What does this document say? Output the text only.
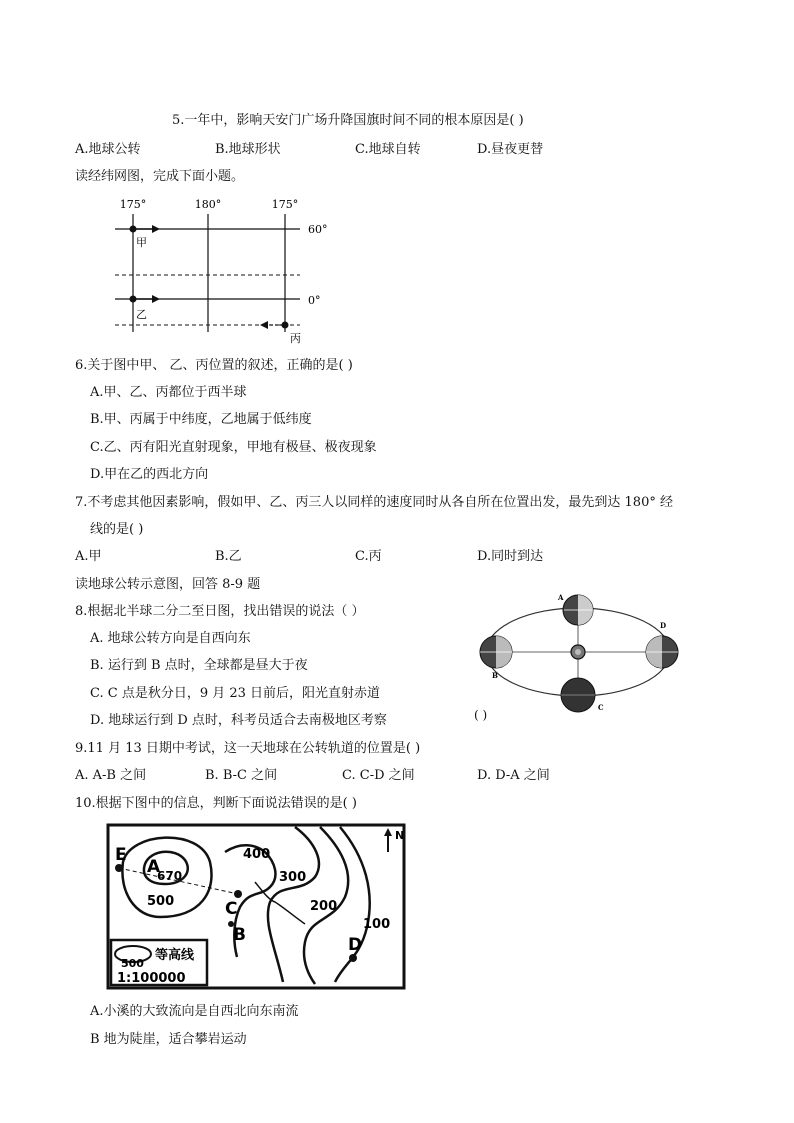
5.一年中，影响天安门广场升降国旗时间不同的根本原因是( )
A.地球公转	B.地球形状	C.地球自转	D.昼夜更替
读经纬网图，完成下面小题。
175°	180°	175°
60°
0°
甲
乙
丙
6.关于图中甲、 乙、丙位置的叙述，正确的是( )
A.甲、乙、丙都位于西半球
B.甲、丙属于中纬度，乙地属于低纬度
C.乙、丙有阳光直射现象，甲地有极昼、极夜现象
D.甲在乙的西北方向
7.不考虑其他因素影响，假如甲、乙、丙三人以同样的速度同时从各自所在位置出发，最先到达 180° 经
线的是( )
A.甲	B.乙	C.丙	D.同时到达
读地球公转示意图，回答 8-9 题
8.根据北半球二分二至日图，找出错误的说法（ ）
A. 地球公转方向是自西向东
B. 运行到 B 点时，全球都是昼大于夜
C. C 点是秋分日，9 月 23 日前后，阳光直射赤道
D. 地球运行到 D 点时，科考员适合去南极地区考察
A
B
C
D
( )
9.11 月 13 日期中考试，这一天地球在公转轨道的位置是( )
A. A-B 之间	B. B-C 之间	C. C-D 之间	D. D-A 之间
10.根据下图中的信息，判断下面说法错误的是( )
N
E
A
C
B	D
670
500
400
300
200
100
500
等高线
1:100000
A.小溪的大致流向是自西北向东南流
B 地为陡崖，适合攀岩运动
